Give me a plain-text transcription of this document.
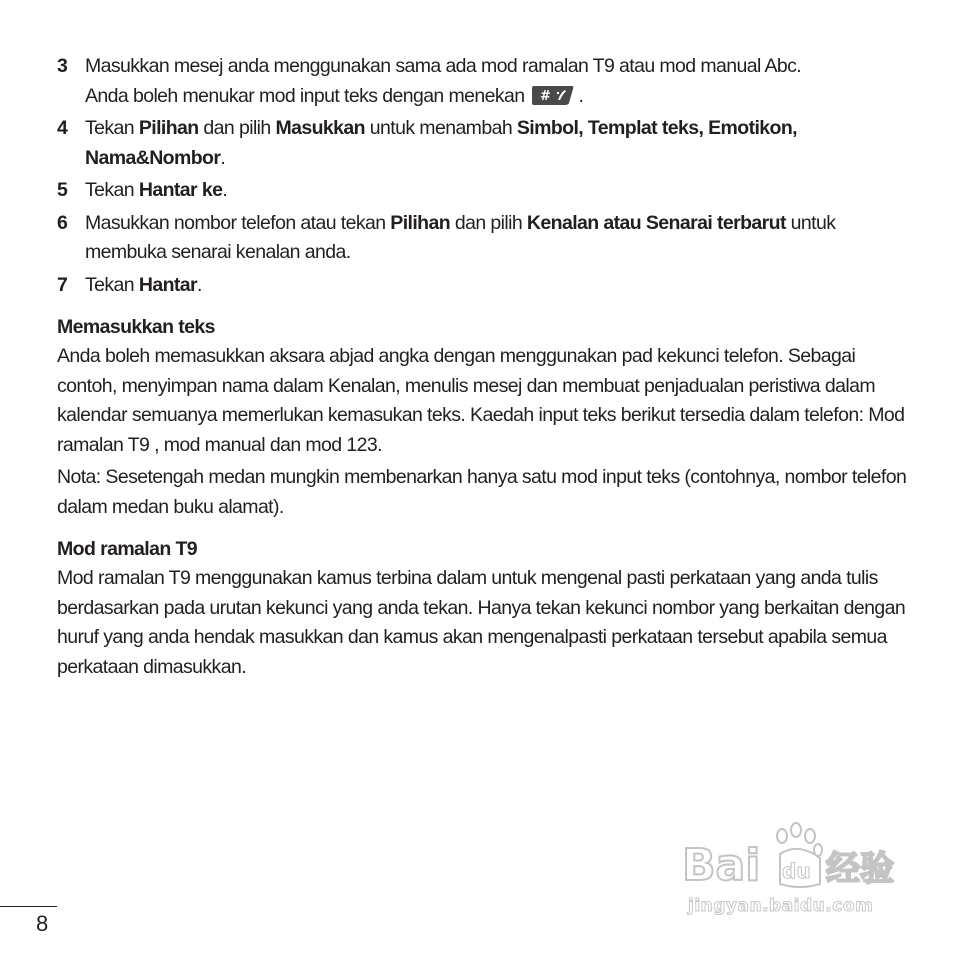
3 Masukkan mesej anda menggunakan sama ada mod ramalan T9 atau mod manual Abc.
Anda boleh menukar mod input teks dengan menekan # .
4 Tekan Pilihan dan pilih Masukkan untuk menambah Simbol, Templat teks, Emotikon, Nama&Nombor.
5 Tekan Hantar ke.
6 Masukkan nombor telefon atau tekan Pilihan dan pilih Kenalan atau Senarai terbarut untuk membuka senarai kenalan anda.
7 Tekan Hantar.
Memasukkan teks

Anda boleh memasukkan aksara abjad angka dengan menggunakan pad kekunci telefon. Sebagai contoh, menyimpan nama dalam Kenalan, menulis mesej dan membuat penjadualan peristiwa dalam kalendar semuanya memerlukan kemasukan teks. Kaedah input teks berikut tersedia dalam telefon: Mod ramalan T9 , mod manual dan mod 123.

Nota: Sesetengah medan mungkin membenarkan hanya satu mod input teks (contohnya, nombor telefon dalam medan buku alamat).

Mod ramalan T9

Mod ramalan T9 menggunakan kamus terbina dalam untuk mengenal pasti perkataan yang anda tulis berdasarkan pada urutan kekunci yang anda tekan. Hanya tekan kekunci nombor yang berkaitan dengan huruf yang anda hendak masukkan dan kamus akan mengenalpasti perkataan tersebut apabila semua perkataan dimasukkan.

8
Bai 经验
du
jingyan.baidu.com
